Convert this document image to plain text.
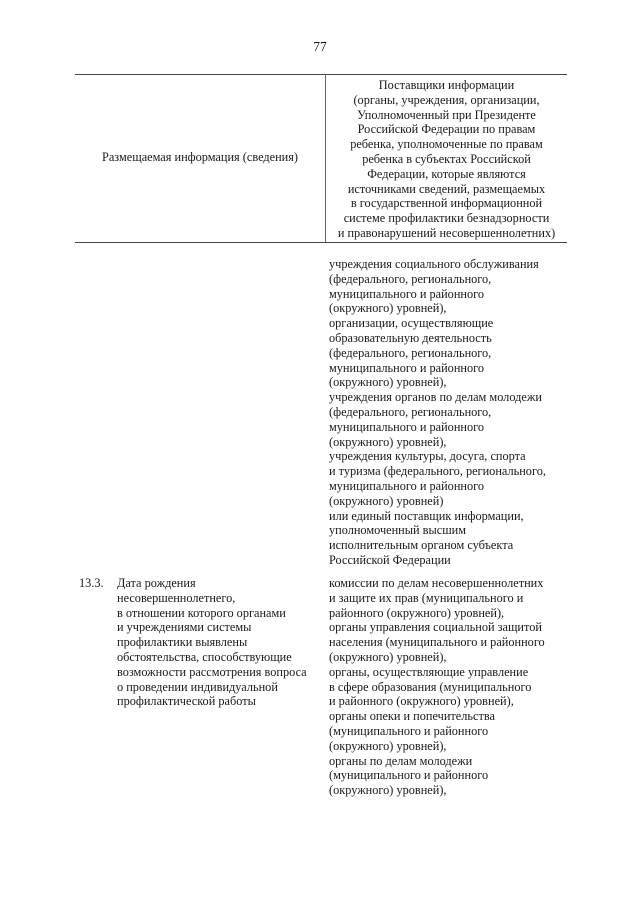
77
Размещаемая информация (сведения)
Поставщики информации
(органы, учреждения, организации,
Уполномоченный при Президенте
Российской Федерации по правам
ребенка, уполномоченные по правам
ребенка в субъектах Российской
Федерации, которые являются
источниками сведений, размещаемых
в государственной информационной
системе профилактики безнадзорности
и правонарушений несовершеннолетних)
учреждения социального обслуживания
(федерального, регионального,
муниципального и районного
(окружного) уровней),
организации, осуществляющие
образовательную деятельность
(федерального, регионального,
муниципального и районного
(окружного) уровней),
учреждения органов по делам молодежи
(федерального, регионального,
муниципального и районного
(окружного) уровней),
учреждения культуры, досуга, спорта
и туризма (федерального, регионального,
муниципального и районного
(окружного) уровней)
или единый поставщик информации,
уполномоченный высшим
исполнительным органом субъекта
Российской Федерации
13.3. Дата рождения
несовершеннолетнего,
в отношении которого органами
и учреждениями системы
профилактики выявлены
обстоятельства, способствующие
возможности рассмотрения вопроса
о проведении индивидуальной
профилактической работы
комиссии по делам несовершеннолетних
и защите их прав (муниципального и
районного (окружного) уровней),
органы управления социальной защитой
населения (муниципального и районного
(окружного) уровней),
органы, осуществляющие управление
в сфере образования (муниципального
и районного (окружного) уровней),
органы опеки и попечительства
(муниципального и районного
(окружного) уровней),
органы по делам молодежи
(муниципального и районного
(окружного) уровней),
